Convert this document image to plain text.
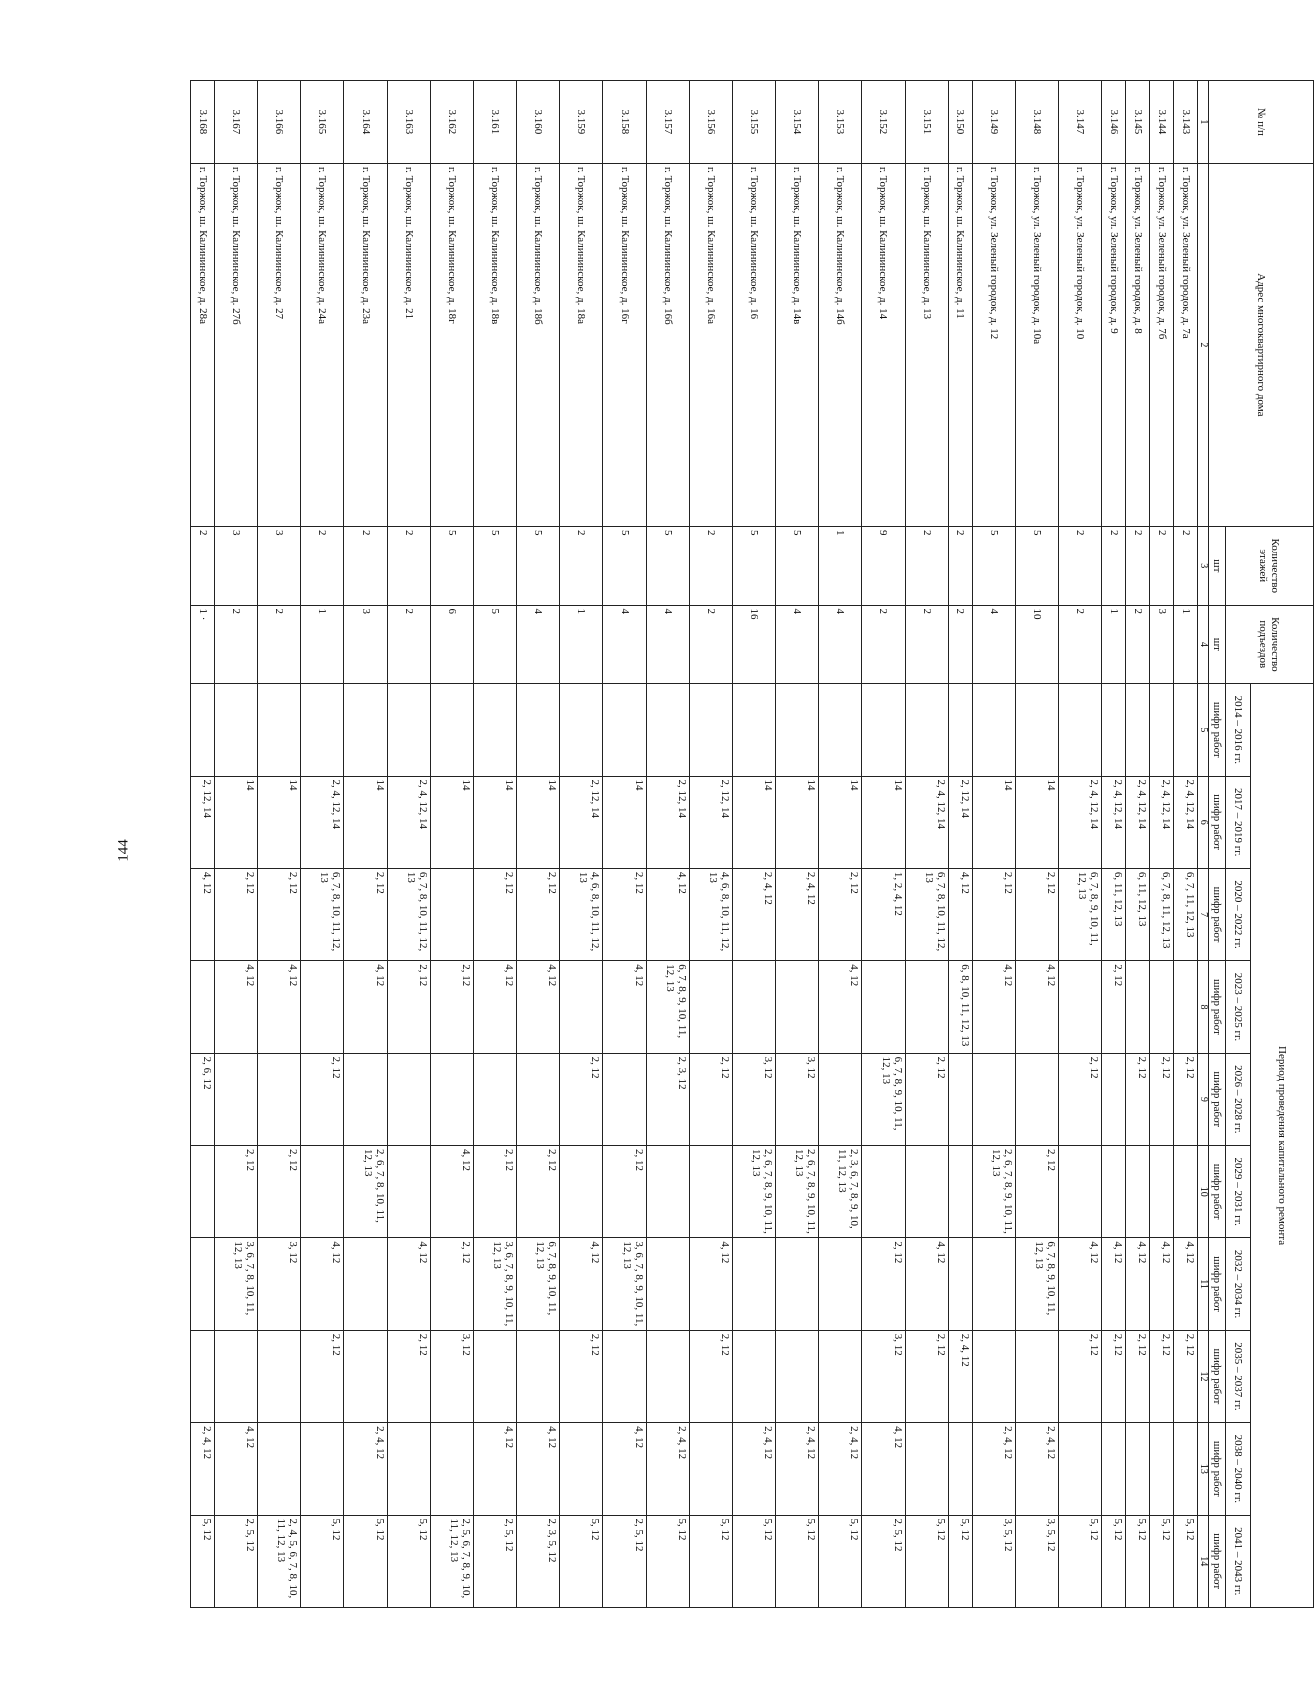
144
№ п/п	Адрес многоквартирного дома	Количество этажей	Количество подъездов	Период проведения капитального ремонта									
				2014 – 2016 гг.	2017 – 2019 гг.	2020 – 2022 гг.	2023 – 2025 гг.	2026 – 2028 гг.	2029 – 2031 гг.	2032 – 2034 гг.	2035 – 2037 гг.	2038 – 2040 гг.	2041 – 2043 гг.
		шт	шт	шифр работ	шифр работ	шифр работ	шифр работ	шифр работ	шифр работ	шифр работ	шифр работ	шифр работ	шифр работ
1	2	3	4	5	6	7	8	9	10	11	12	13	14
3.143	г. Торжок, ул. Зеленый городок, д. 7а	2	1		2, 4, 12, 14	6, 7, 11, 12, 13		2, 12		4, 12	2, 12		5, 12
3.144	г. Торжок, ул. Зеленый городок, д. 7б	2	3		2, 4, 12, 14	6, 7, 8, 11, 12, 13		2, 12		4, 12	2, 12		5, 12
3.145	г. Торжок, ул. Зеленый городок, д. 8	2	2		2, 4, 12, 14	6, 11, 12, 13		2, 12		4, 12	2, 12		5, 12
3.146	г. Торжок, ул. Зеленый городок, д. 9	2	1		2, 4, 12, 14	6, 11, 12, 13	2, 12			4, 12	2, 12		5, 12
3.147	г. Торжок, ул. Зеленый городок, д. 10	2	2		2, 4, 12, 14	6, 7, 8, 9, 10, 11, 12, 13		2, 12		4, 12	2, 12		5, 12
3.148	г. Торжок, ул. Зеленый городок, д. 10а	5	10		14	2, 12	4, 12		2, 12	6, 7, 8, 9, 10, 11, 12, 13		2, 4, 12	3, 5, 12
3.149	г. Торжок, ул. Зеленый городок, д. 12	5	4		14	2, 12	4, 12		2, 6, 7, 8, 9, 10, 11, 12, 13			2, 4, 12	3, 5, 12
3.150	г. Торжок, ш. Калининское, д. 11	2	2		2, 12, 14	4, 12	6, 8, 10, 11, 12, 13				2, 4, 12		5, 12
3.151	г. Торжок, ш. Калининское, д. 13	2	2		2, 4, 12, 14	6, 7, 8, 10, 11, 12, 13		2, 12		4, 12	2, 12		5, 12
3.152	г. Торжок, ш. Калининское, д. 14	9	2		14	1, 2, 4, 12		6, 7, 8, 9, 10, 11, 12, 13		2, 12	3, 12	4, 12	2, 5, 12
3.153	г. Торжок, ш. Калининское, д. 14б	1	4		14	2, 12	4, 12		2, 3, 6, 7, 8, 9, 10, 11, 12, 13			2, 4, 12	5, 12
3.154	г. Торжок, ш. Калининское, д. 14в	5	4		14	2, 4, 12		3, 12	2, 6, 7, 8, 9, 10, 11, 12, 13			2, 4, 12	5, 12
3.155	г. Торжок, ш. Калининское, д. 16	5	16		14	2, 4, 12		3, 12	2, 6, 7, 8, 9, 10, 11, 12, 13			2, 4, 12	5, 12
3.156	г. Торжок, ш. Калининское, д. 16а	2	2		2, 12, 14	4, 6, 8, 10, 11, 12, 13		2, 12		4, 12	2, 12		5, 12
3.157	г. Торжок, ш. Калининское, д. 16б	5	4		2, 12, 14	4, 12	6, 7, 8, 9, 10, 11, 12, 13	2, 3, 12				2, 4, 12	5, 12
3.158	г. Торжок, ш. Калининское, д. 16г	5	4		14	2, 12	4, 12		2, 12	3, 6, 7, 8, 9, 10, 11, 12, 13		4, 12	2, 5, 12
3.159	г. Торжок, ш. Калининское, д. 18а	2	1		2, 12, 14	4, 6, 8, 10, 11, 12, 13		2, 12		4, 12	2, 12		5, 12
3.160	г. Торжок, ш. Калининское, д. 18б	5	4		14	2, 12	4, 12		2, 12	6, 7, 8, 9, 10, 11, 12, 13		4, 12	2, 3, 5, 12
3.161	г. Торжок, ш. Калининское, д. 18в	5	5		14	2, 12	4, 12		2, 12	3, 6, 7, 8, 9, 10, 11, 12, 13		4, 12	2, 5, 12
3.162	г. Торжок, ш. Калининское, д. 18г	5	6		14		2, 12		4, 12	2, 12	3, 12		2, 5, 6, 7, 8, 9, 10, 11, 12, 13
3.163	г. Торжок, ш. Калининское, д. 21	2	2		2, 4, 12, 14	6, 7, 8, 10, 11, 12, 13	2, 12			4, 12	2, 12		5, 12
3.164	г. Торжок, ш. Калининское, д. 23а	2	3		14	2, 12	4, 12		2, 6, 7, 8, 10, 11, 12, 13			2, 4, 12	5, 12
3.165	г. Торжок, ш. Калининское, д. 24а	2	1		2, 4, 12, 14	6, 7, 8, 10, 11, 12, 13		2, 12		4, 12	2, 12		5, 12
3.166	г. Торжок, ш. Калининское, д. 27	3	2		14	2, 12	4, 12		2, 12	3, 12			2, 4, 5, 6, 7, 8, 10, 11, 12, 13
3.167	г. Торжок, ш. Калининское, д. 27б	3	2		14	2, 12	4, 12		2, 12	3, 6, 7, 8, 10, 11, 12, 13		4, 12	2, 5, 12
3.168	г. Торжок, ш. Калининское, д. 28а	2	1 ·		2, 12, 14	4, 12		2, 6, 12				2, 4, 12	5, 12
